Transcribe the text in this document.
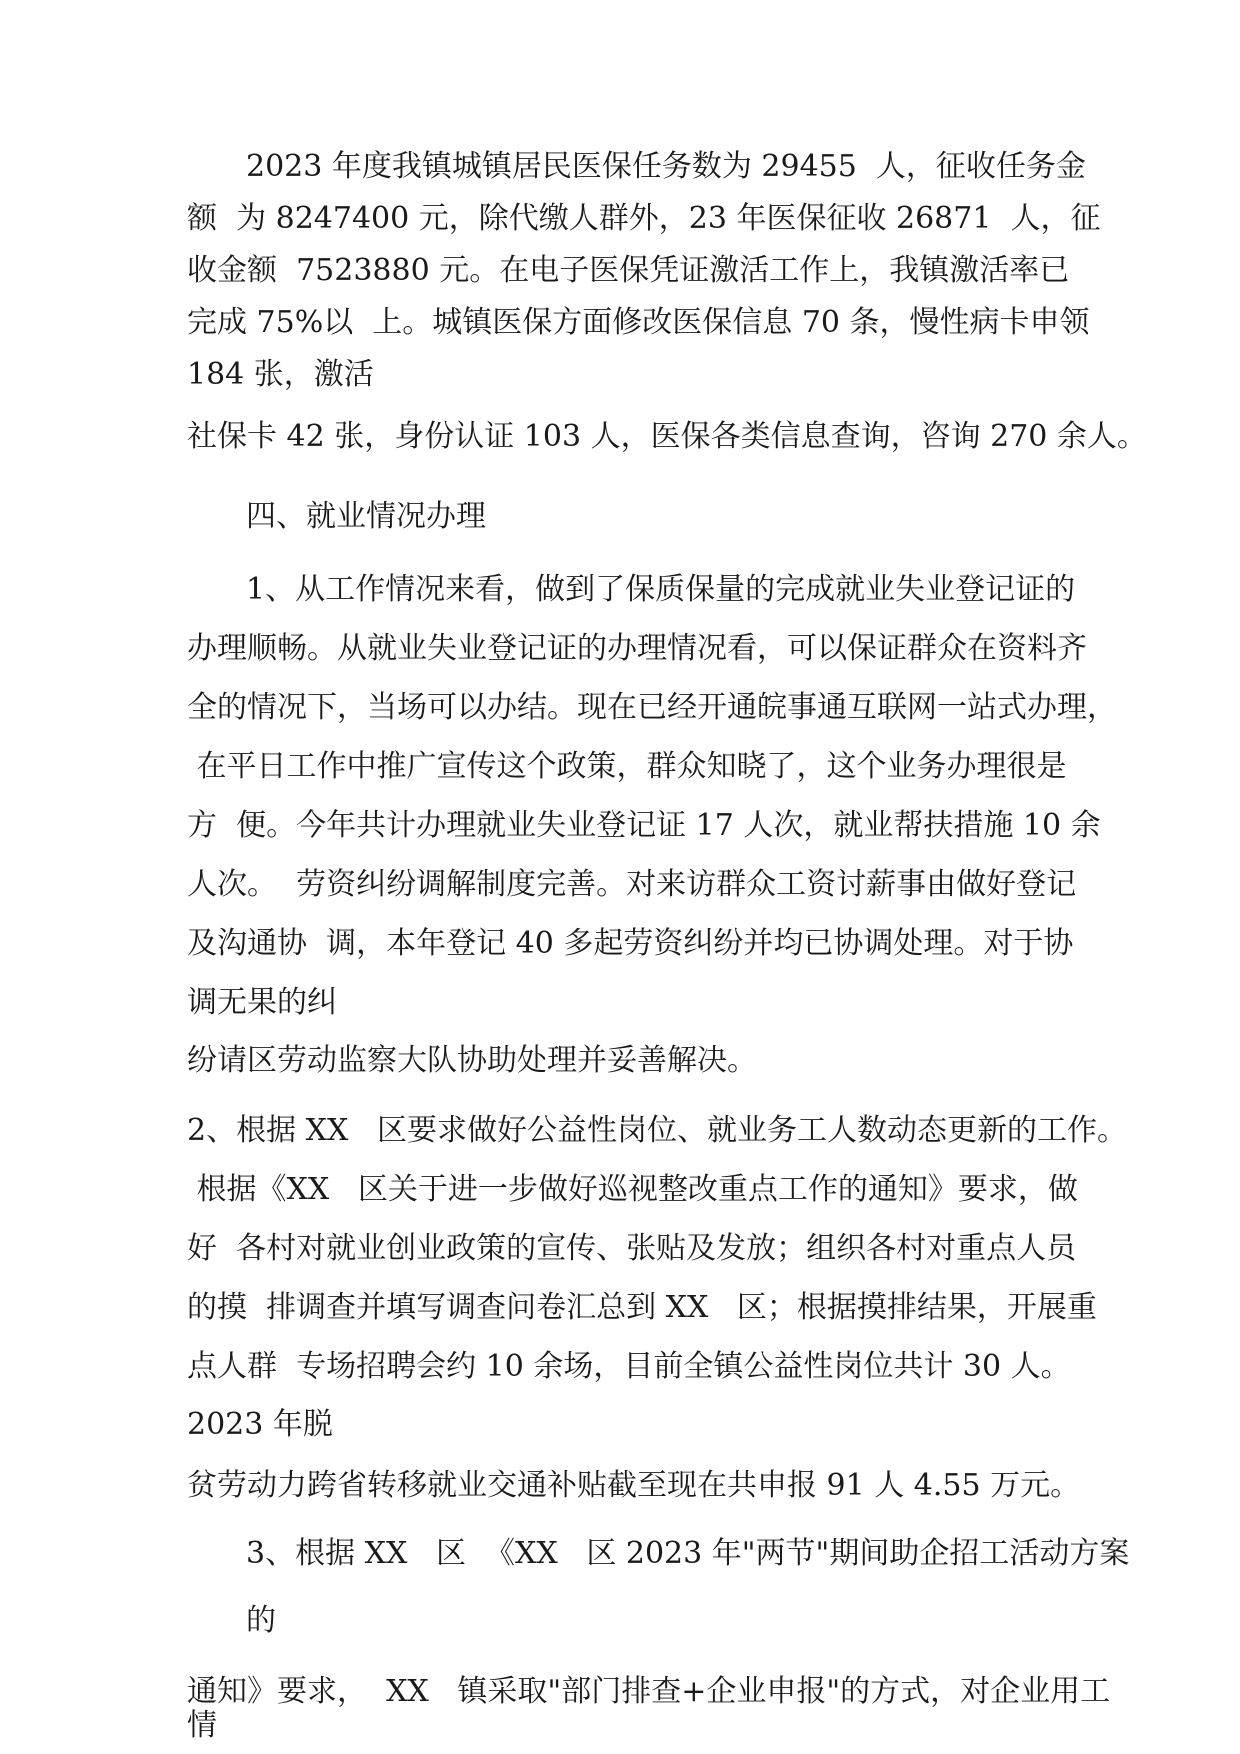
2023 年度我镇城镇居民医保任务数为 29455  人，征收任务金
额  为 8247400 元，除代缴人群外，23 年医保征收 26871  人，征
收金额  7523880 元。在电子医保凭证激活工作上，我镇激活率已
完成 75%以  上。城镇医保方面修改医保信息 70 条，慢性病卡申领
184 张，激活
社保卡 42 张，身份认证 103 人，医保各类信息查询，咨询 270 余人。
四、就业情况办理
1、从工作情况来看，做到了保质保量的完成就业失业登记证的
办理顺畅。从就业失业登记证的办理情况看，可以保证群众在资料齐
全的情况下，当场可以办结。现在已经开通皖事通互联网一站式办理，
在平日工作中推广宣传这个政策，群众知晓了，这个业务办理很是
方  便。今年共计办理就业失业登记证 17 人次，就业帮扶措施 10 余
人次。  劳资纠纷调解制度完善。对来访群众工资讨薪事由做好登记
及沟通协  调，本年登记 40 多起劳资纠纷并均已协调处理。对于协
调无果的纠
纷请区劳动监察大队协助处理并妥善解决。
2、根据 XX   区要求做好公益性岗位、就业务工人数动态更新的工作。
根据《XX   区关于进一步做好巡视整改重点工作的通知》要求，做
好  各村对就业创业政策的宣传、张贴及发放；组织各村对重点人员
的摸  排调查并填写调查问卷汇总到 XX   区；根据摸排结果，开展重
点人群  专场招聘会约 10 余场，目前全镇公益性岗位共计 30 人。
2023 年脱
贫劳动力跨省转移就业交通补贴截至现在共申报 91 人 4.55 万元。
3、根据 XX   区  《XX   区 2023 年"两节"期间助企招工活动方案
的
通知》要求，  XX   镇采取"部门排查+企业申报"的方式，对企业用工
情
